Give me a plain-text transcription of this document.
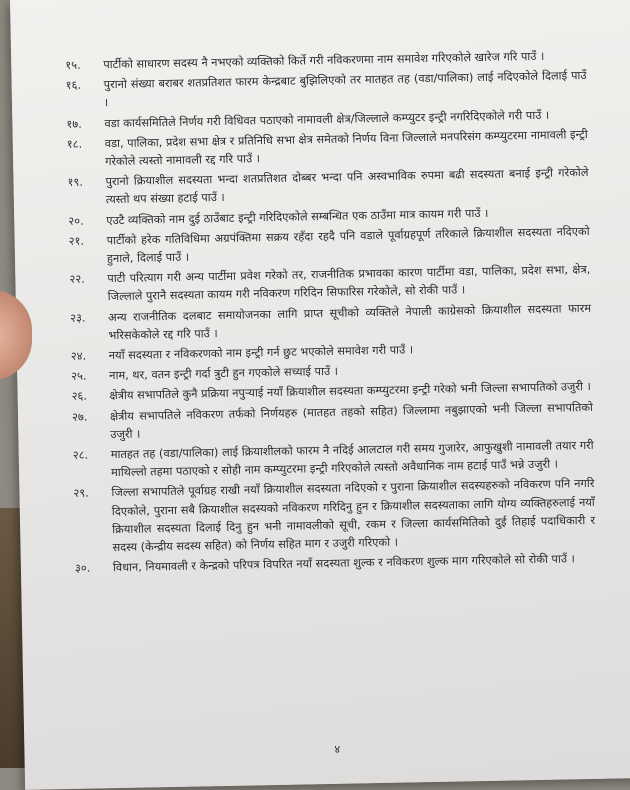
१५.	पार्टीको साधारण सदस्य नै नभएको व्यक्तिको किर्ते गरी नविकरणमा नाम समावेश गरिएकोले खारेज गरि पाउँ ।
१६.	पुरानो संख्या बराबर शतप्रतिशत फारम केन्द्रबाट बुझिलिएको तर मातहत तह (वडा/पालिका) लाई नदिएकोले दिलाई पाउँ ।
१७.	वडा कार्यसमितिले निर्णय गरी विधिवत पठाएको नामावली क्षेत्र/जिल्लाले कम्प्युटर इन्ट्री नगरिदिएकोले गरी पाउँ ।
१८.	वडा, पालिका, प्रदेश सभा क्षेत्र र प्रतिनिधि सभा क्षेत्र समेतको निर्णय विना जिल्लाले मनपरिसंग कम्प्युटरमा नामावली इन्ट्री गरेकोले त्यस्तो नामावली रद्द गरि पाउँ ।
१९.	पुरानो क्रियाशील सदस्यता भन्दा शतप्रतिशत दोब्बर भन्दा पनि अस्वभाविक रुपमा बढी सदस्यता बनाई इन्ट्री गरेकोले त्यस्तो थप संख्या हटाई पाउँ ।
२०.	एउटै व्यक्तिको नाम दुई ठाउँबाट इन्ट्री गरिदिएकोले सम्बन्धित एक ठाउँमा मात्र कायम गरी पाउँ ।
२१.	पार्टीको हरेक गतिविधिमा अग्रपंक्तिमा सक्रय रहँदा रहदै पनि वडाले पूर्वाग्रहपूर्ण तरिकाले क्रियाशील सदस्यता नदिएको हुनाले, दिलाई पाउँ ।
२२.	पाटी परित्याग गरी अन्य पार्टीमा प्रवेश गरेको तर, राजनीतिक प्रभावका कारण पार्टीमा वडा, पालिका, प्रदेश सभा, क्षेत्र, जिल्लाले पुरानै सदस्यता कायम गरी नविकरण गरिदिन सिफारिस गरेकोले, सो रोकी पाउँ ।
२३.	अन्य राजनीतिक दलबाट समायोजनका लागि प्राप्त सूचीको व्यक्तिले नेपाली काग्रेसको क्रियाशील सदस्यता फारम भरिसकेकोले रद्द गरि पाउँ ।
२४.	नयाँ सदस्यता र नविकरणको नाम इन्ट्री गर्न छुट भएकोले समावेश गरी पाउँ ।
२५.	नाम, थर, वतन इन्ट्री गर्दा त्रुटी हुन गएकोले सच्याई पाउँ ।
२६.	क्षेत्रीय सभापतिले कुनै प्रक्रिया नपुऱ्याई नयाँ क्रियाशील सदस्यता कम्प्युटरमा इन्ट्री गरेको भनी जिल्ला सभापतिको उजुरी ।
२७.	क्षेत्रीय सभापतिले नविकरण तर्फको निर्णयहरु (मातहत तहको सहित) जिल्लामा नबुझाएको भनी जिल्ला सभापतिको उजुरी ।
२८.	मातहत तह (वडा/पालिका) लाई क्रियाशीलको फारम नै नदिई आलटाल गरी समय गुजारेर, आफुखुशी नामावली तयार गरी माथिल्लो तहमा पठाएको र सोही नाम कम्प्युटरमा इन्ट्री गरिएकोले त्यस्तो अवैधानिक नाम हटाई पाउँ भन्ने उजुरी ।
२९.	जिल्ला सभापतिले पूर्वाग्रह राखी नयाँ क्रियाशील सदस्यता नदिएको र पुराना क्रियाशील सदस्यहरुको नविकरण पनि नगरि दिएकोले, पुराना सबै क्रियाशील सदस्यको नविकरण गरिदिनु हुन र क्रियाशील सदस्यताका लागि योग्य व्यक्तिहरुलाई नयाँ क्रियाशील सदस्यता दिलाई दिनु हुन भनी नामावलीको सूची, रकम र जिल्ला कार्यसमितिको दुई तिहाई पदाधिकारी र सदस्य (केन्द्रीय सदस्य सहित) को निर्णय सहित माग र उजुरी गरिएको ।
३०.	विधान, नियमावली र केन्द्रको परिपत्र विपरित नयाँ सदस्यता शुल्क र नविकरण शुल्क माग गरिएकोले सो रोकी पाउँ ।
४
